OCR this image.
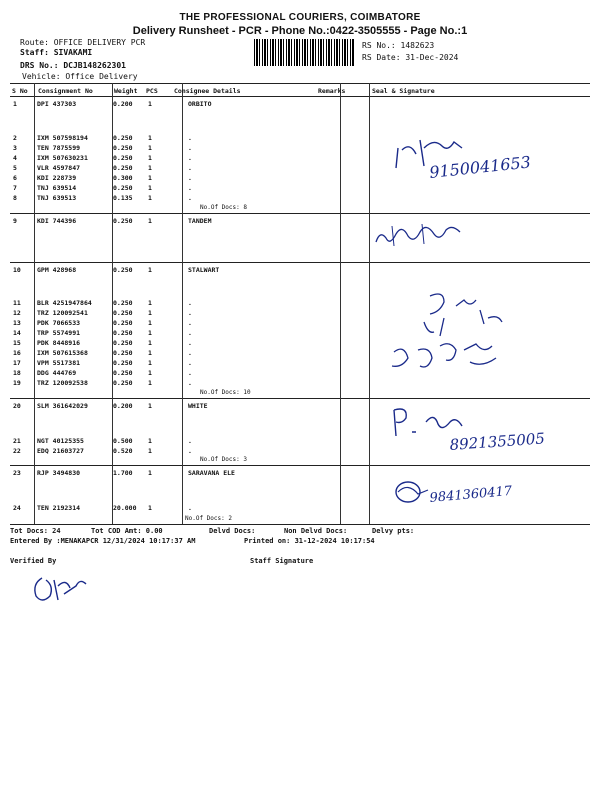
THE PROFESSIONAL COURIERS, COIMBATORE
Delivery Runsheet - PCR - Phone No.:0422-3505555 - Page No.:1
Route: OFFICE DELIVERY PCR
Staff: SIVAKAMI
DRS No.: DCJB148262301
Vehicle: Office Delivery
RS No.: 1482623
RS Date: 31-Dec-2024
S No Consignment No	Weight PCS	Consignee Details	Remarks	Seal & Signature
1	DPI 437303	0.200 1	ORBITO
2	IXM 507598194	0.250 1	.
3	TEN 7875599	0.250 1	.
4	IXM 507630231	0.250 1	.
5	VLR 4597847	0.250 1	.
6	KDI 228739	0.300 1	.
7	TNJ 639514	0.250 1	.
8	TNJ 639513	0.135 1	.
9	KDI 744396	0.250 1	TANDEM
10 GPM 428968	0.250 1	STALWART
11 BLR 4251947864	0.250 1	.
12 TRZ 120092541	0.250 1	.
13 PDK 7066533	0.250 1	.
14 TRP 5574991	0.250 1	.
15 PDK 8448916	0.250 1	.
16 IXM 507615368	0.250 1	.
17 VPM 5517381	0.250 1	.
18 DDG 444769	0.250 1	.
19 TRZ 120092538	0.250 1	.
20 SLM 361642029	0.200 1	WHITE
21 NGT 40125355	0.500 1	.
22 EDQ 21603727	0.520 1	.
23 RJP 3494830	1.700 1	SARAVANA ELE
24 TEN 2192314	20.000 1	.
No.Of Docs: 8
No.Of Docs: 10
No.Of Docs: 3
No.Of Docs: 2
9150041653
8921355005
9841360417
Tot Docs: 24	Tot COD Amt: 0.00	Delvd Docs:	Non Delvd Docs:	Delvy pts:
Entered By :MENAKAPCR 12/31/2024 10:17:37 AM	Printed on: 31-12-2024 10:17:54
Verified By	Staff Signature
